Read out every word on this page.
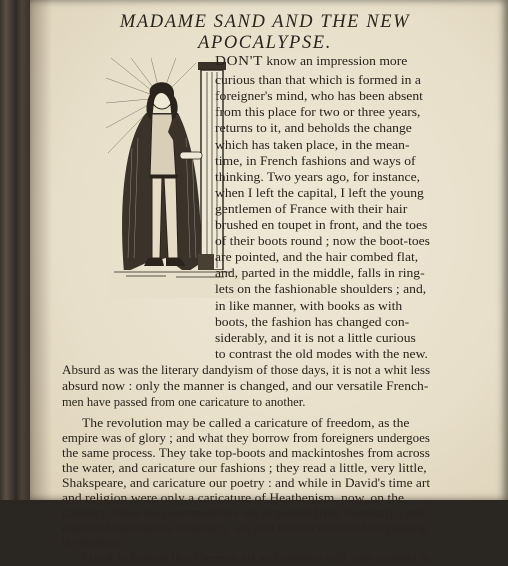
MADAME SAND AND THE NEW
APOCALYPSE.
DON'T know an impression more
curious than that which is formed in a
foreigner's mind, who has been absent
from this place for two or three years,
returns to it, and beholds the change
which has taken place, in the mean-
time, in French fashions and ways of
thinking. Two years ago, for instance,
when I left the capital, I left the young
gentlemen of France with their hair
brushed en toupet in front, and the toes
of their boots round ; now the boot-toes
are pointed, and the hair combed flat,
and, parted in the middle, falls in ring-
lets on the fashionable shoulders ; and,
in like manner, with books as with
boots, the fashion has changed con-
siderably, and it is not a little curious
to contrast the old modes with the new.
Absurd as was the literary dandyism of those days, it is not a whit less
absurd now : only the manner is changed, and our versatile French-
men have passed from one caricature to another.
The revolution may be called a caricature of freedom, as the
empire was of glory ; and what they borrow from foreigners undergoes
the same process. They take top-boots and mackintoshes from across
the water, and caricature our fashions ; they read a little, very little,
Shakspeare, and caricature our poetry : and while in David's time art
and religion were only a caricature of Heathenism, now, on the
contrary, these two commodities are imported from Germany ; and
distorted caricatures originally, are still further distorted on passing
the frontier.
I trust in heaven that German art and religion will take no hold in
